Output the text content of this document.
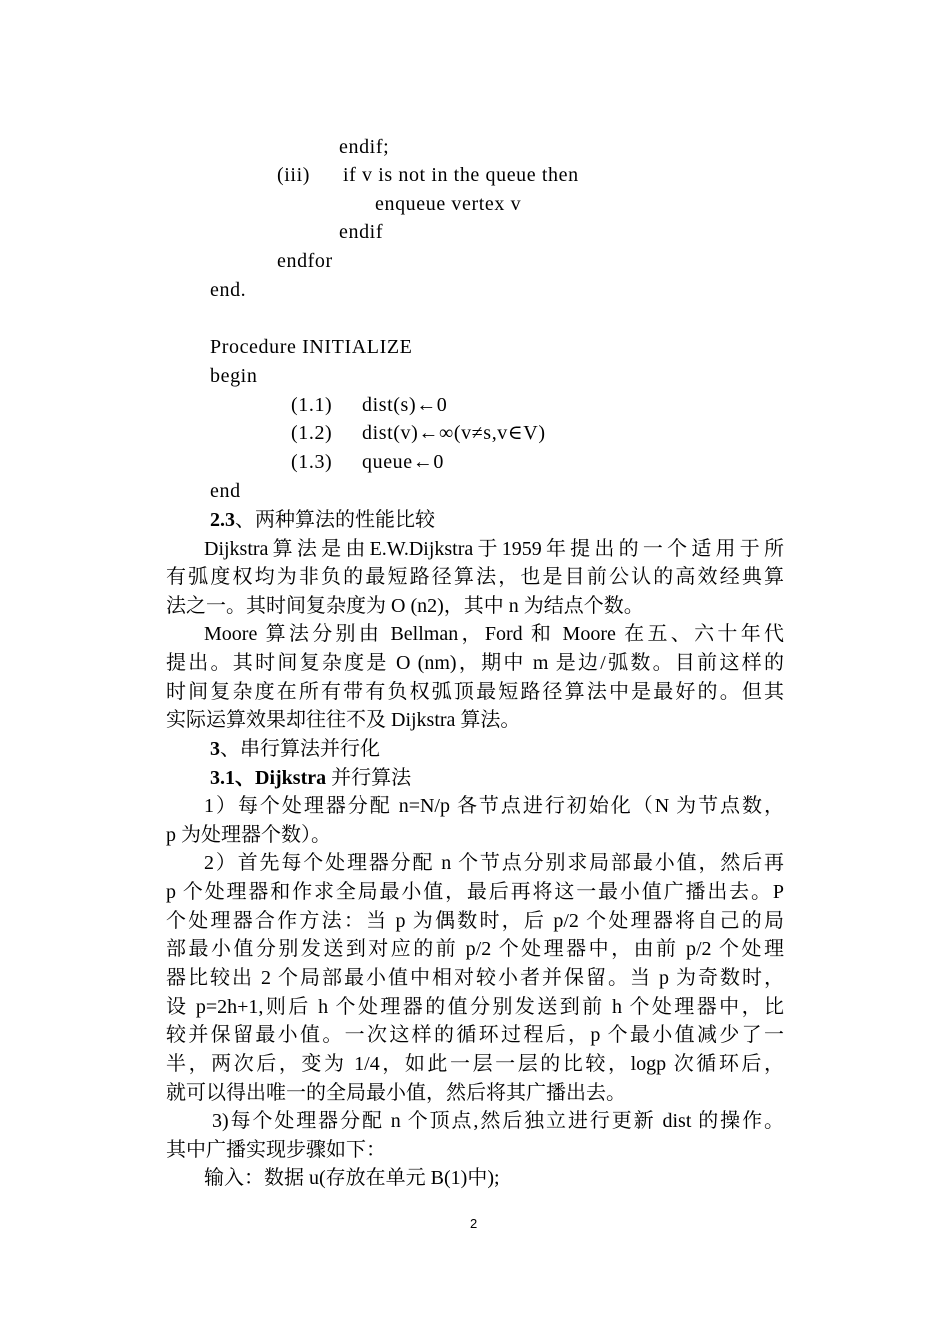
endif;
(iii) if v is not in the queue then
enqueue vertex v
endif
endfor
end.
Procedure INITIALIZE
begin
(1.1) dist(s)←0
(1.2) dist(v)←∞(v≠s,v∈V)
(1.3) queue←0
end
2.3、两种算法的性能比较
Dijkstra算法是由E.W.Dijkstra于1959年提出的一个适用于所
有弧度权均为非负的最短路径算法，也是目前公认的高效经典算
法之一。其时间复杂度为 O (n2)，其中 n 为结点个数。
Moore 算法分别由 Bellman，Ford 和 Moore 在五、六十年代
提出。其时间复杂度是 O (nm)，期中 m 是边/弧数。目前这样的
时间复杂度在所有带有负权弧顶最短路径算法中是最好的。但其
实际运算效果却往往不及 Dijkstra 算法。
3、串行算法并行化
3.1、Dijkstra 并行算法
1）每个处理器分配 n=N/p 各节点进行初始化（N 为节点数，
p 为处理器个数）。
2）首先每个处理器分配 n 个节点分别求局部最小值，然后再
p 个处理器和作求全局最小值，最后再将这一最小值广播出去。P
个处理器合作方法：当 p 为偶数时，后 p/2 个处理器将自己的局
部最小值分别发送到对应的前 p/2 个处理器中，由前 p/2 个处理
器比较出 2 个局部最小值中相对较小者并保留。当 p 为奇数时，
设 p=2h+1,则后 h 个处理器的值分别发送到前 h 个处理器中，比
较并保留最小值。一次这样的循环过程后，p 个最小值减少了一
半，两次后，变为 1/4，如此一层一层的比较，logp 次循环后，
就可以得出唯一的全局最小值，然后将其广播出去。
3)每个处理器分配 n 个顶点,然后独立进行更新 dist 的操作。
其中广播实现步骤如下：
输入：数据 u(存放在单元 B(1)中);
2
